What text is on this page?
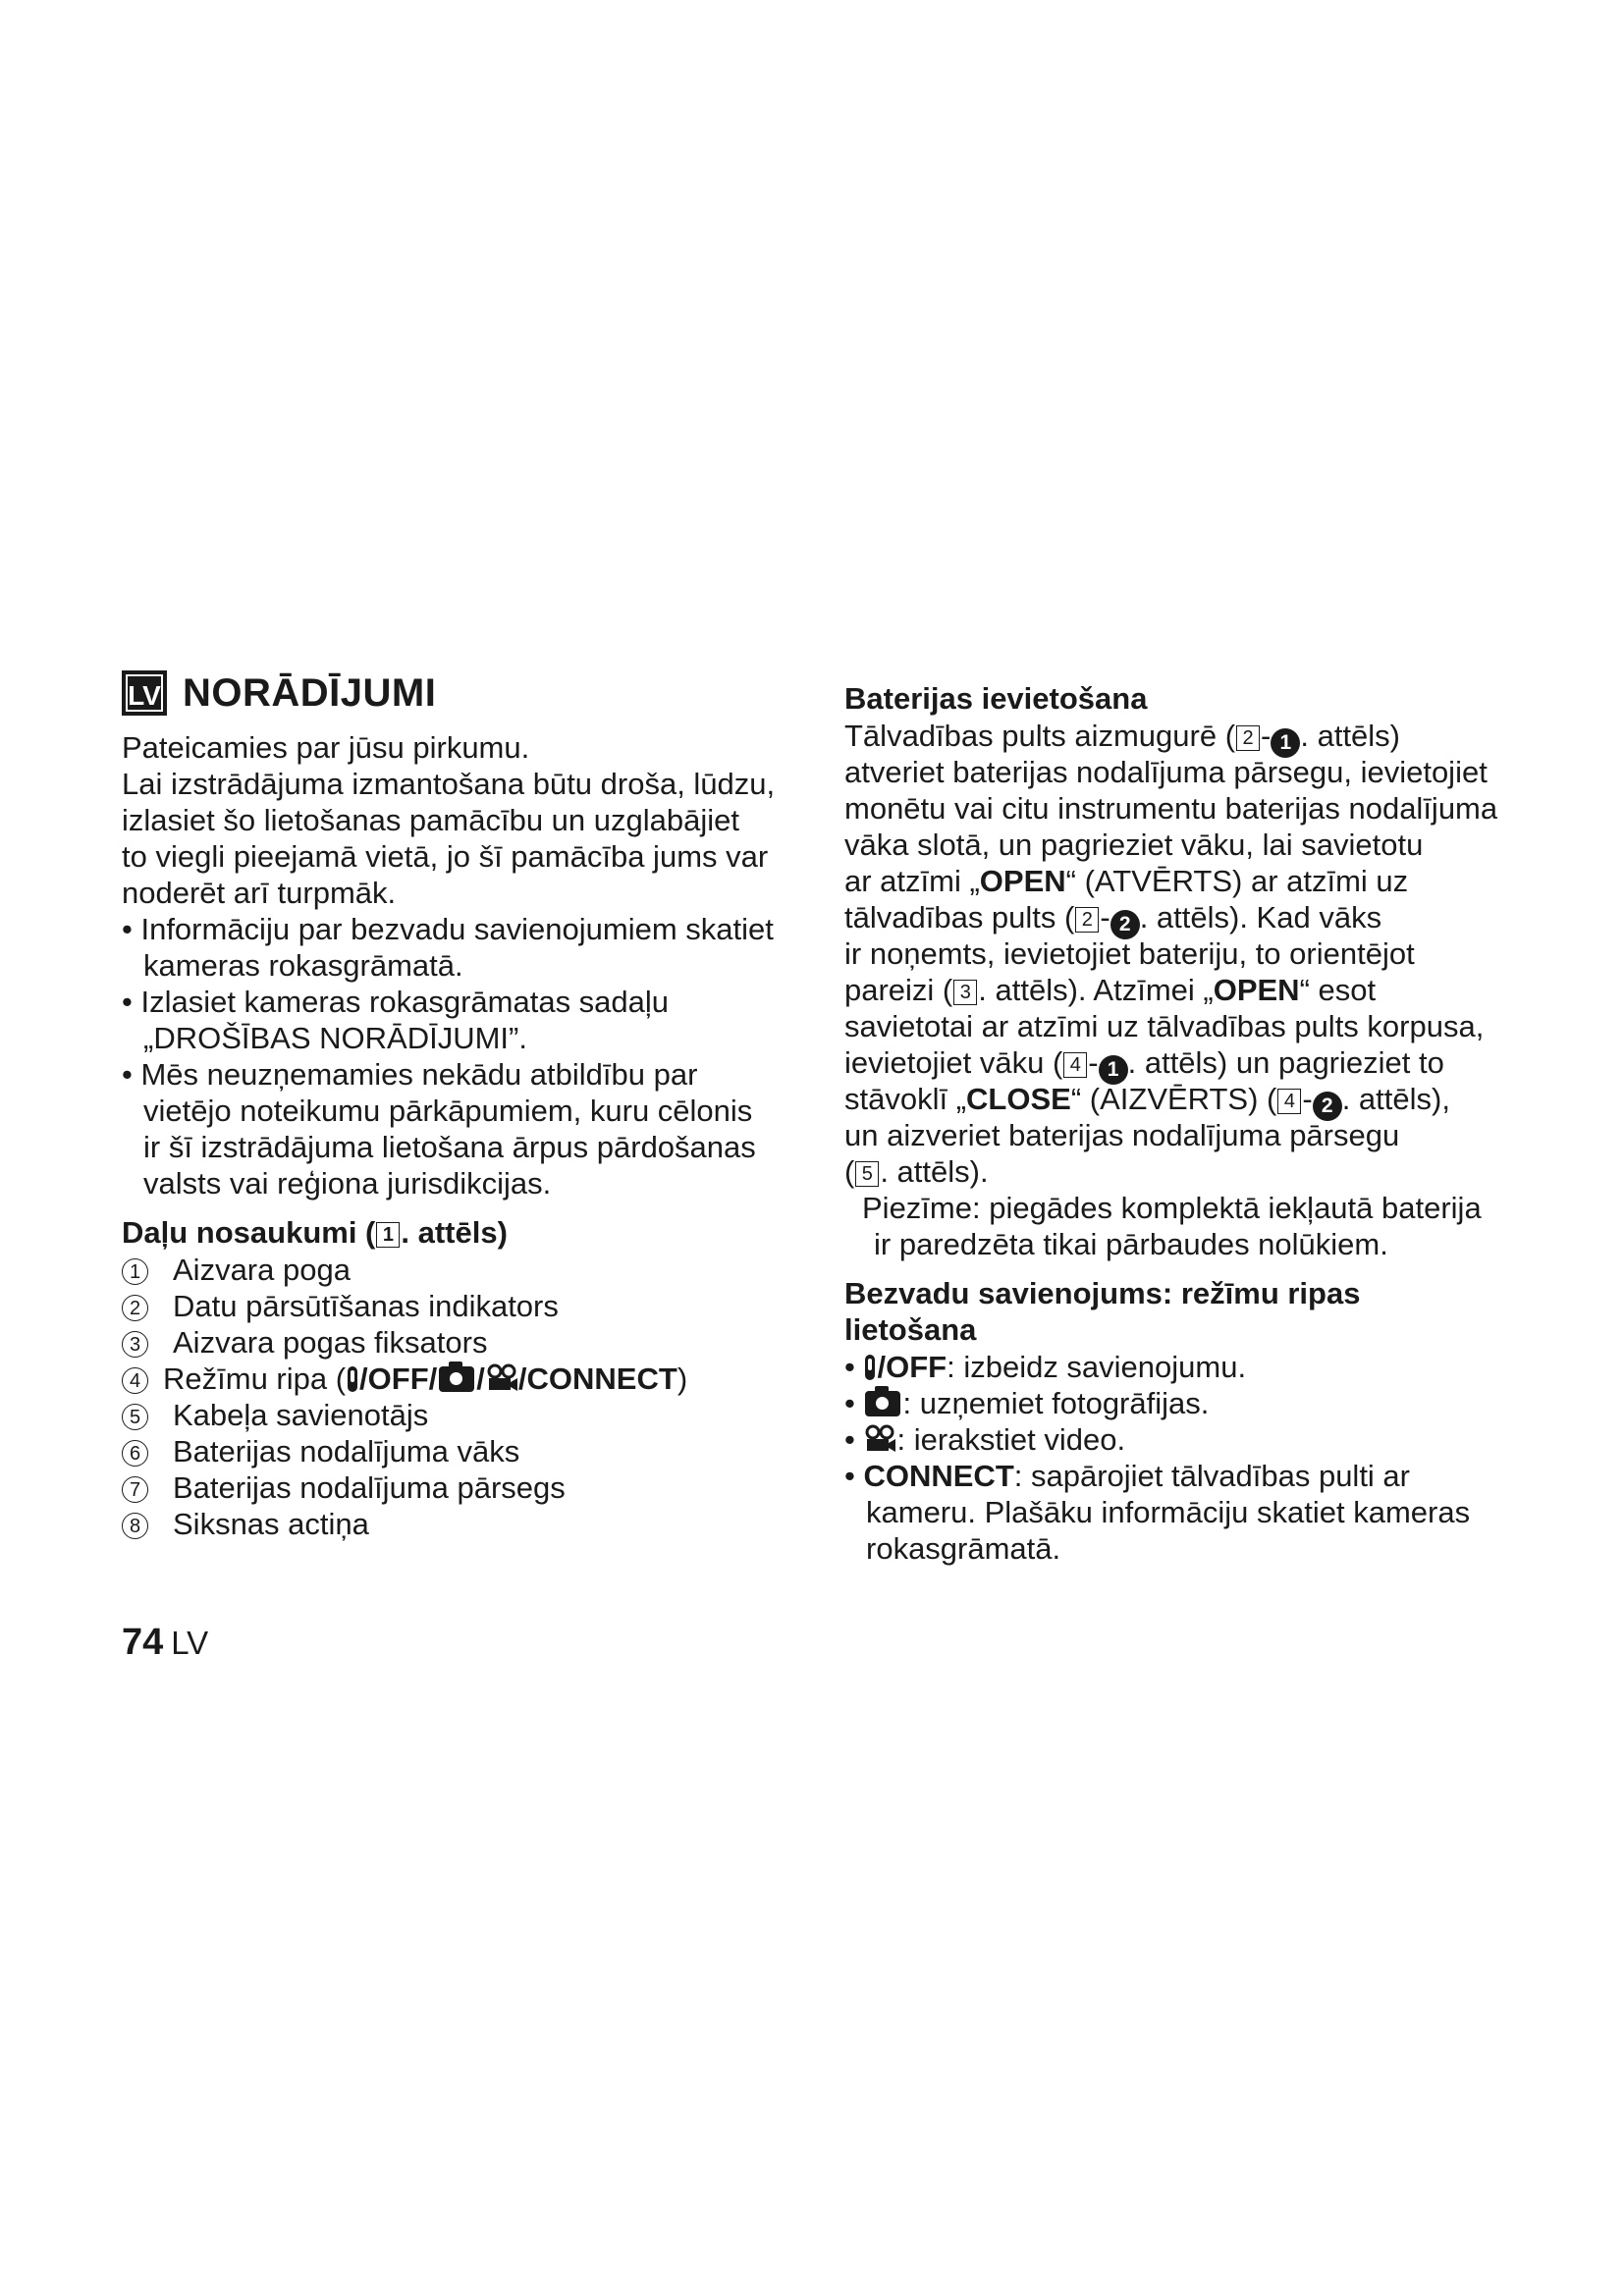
LV NORĀDĪJUMI
Pateicamies par jūsu pirkumu.
Lai izstrādājuma izmantošana būtu droša, lūdzu,
izlasiet šo lietošanas pamācību un uzglabājiet
to viegli pieejamā vietā, jo šī pamācība jums var
noderēt arī turpmāk.
• Informāciju par bezvadu savienojumiem skatiet
kameras rokasgrāmatā.
• Izlasiet kameras rokasgrāmatas sadaļu
„DROŠĪBAS NORĀDĪJUMI”.
• Mēs neuzņemamies nekādu atbildību par
vietējo noteikumu pārkāpumiem, kuru cēlonis
ir šī izstrādājuma lietošana ārpus pārdošanas
valsts vai reģiona jurisdikcijas.
Daļu nosaukumi ( 1 . attēls)
1 Aizvara poga
2 Datu pārsūtīšanas indikators
3 Aizvara pogas fiksators
4 Režīmu ripa ( /OFF/ / /CONNECT)
5 Kabeļa savienotājs
6 Baterijas nodalījuma vāks
7 Baterijas nodalījuma pārsegs
8 Siksnas actiņa
74 LV
Baterijas ievietošana
Tālvadības pults aizmugurē ( 2 - 1 . attēls)
atveriet baterijas nodalījuma pārsegu, ievietojiet
monētu vai citu instrumentu baterijas nodalījuma
vāka slotā, un pagrieziet vāku, lai savietotu
ar atzīmi „OPEN“ (ATVĒRTS) ar atzīmi uz
tālvadības pults ( 2 - 2 . attēls). Kad vāks
ir noņemts, ievietojiet bateriju, to orientējot
pareizi ( 3 . attēls). Atzīmei „OPEN“ esot
savietotai ar atzīmi uz tālvadības pults korpusa,
ievietojiet vāku ( 4 - 1 . attēls) un pagrieziet to
stāvoklī „CLOSE“ (AIZVĒRTS) ( 4 - 2 . attēls),
un aizveriet baterijas nodalījuma pārsegu
( 5 . attēls).
Piezīme: piegādes komplektā iekļautā baterija
ir paredzēta tikai pārbaudes nolūkiem.
Bezvadu savienojums: režīmu ripas
lietošana
• /OFF: izbeidz savienojumu.
• : uzņemiet fotogrāfijas.
• : ierakstiet video.
• CONNECT: sapārojiet tālvadības pulti ar
kameru. Plašāku informāciju skatiet kameras
rokasgrāmatā.
